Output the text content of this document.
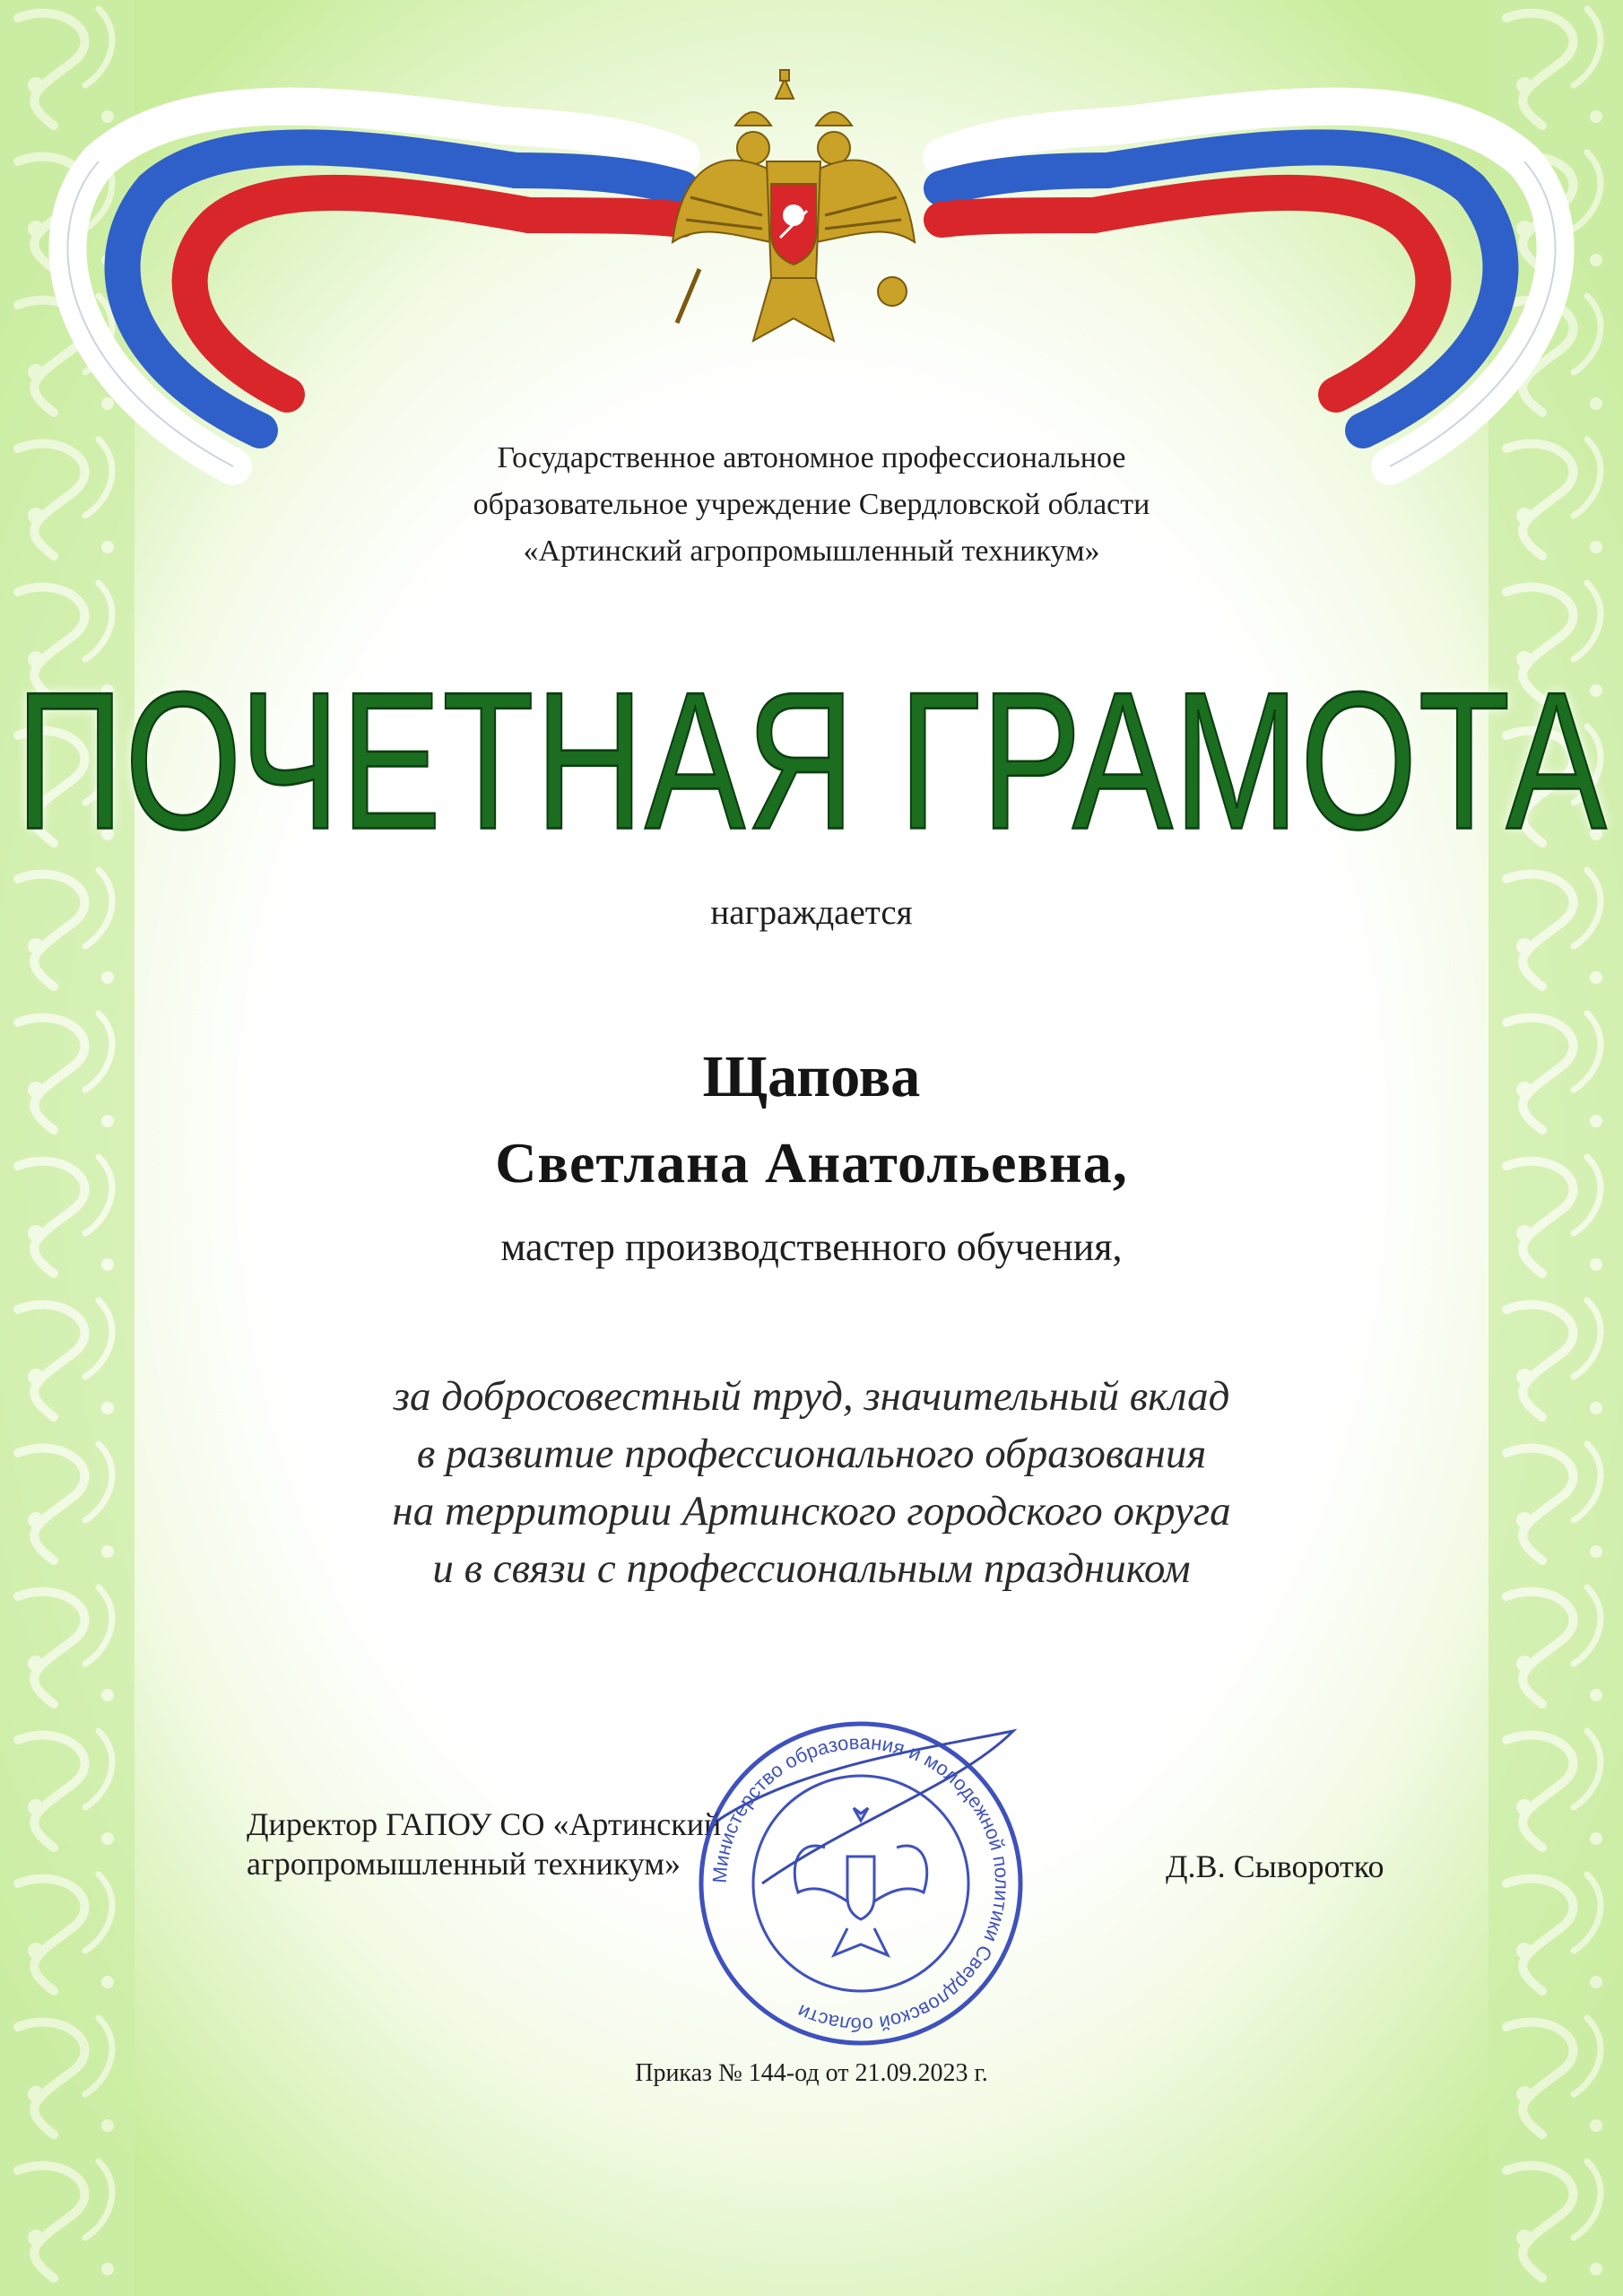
Государственное автономное профессиональное
образовательное учреждение Свердловской области
«Артинский агропромышленный техникум»
ПОЧЕТНАЯ ГРАМОТА
награждается
Щапова
Светлана Анатольевна,
мастер производственного обучения,
за добросовестный труд, значительный вклад
в развитие профессионального образования
на территории Артинского городского округа
и в связи с профессиональным праздником
Директор ГАПОУ СО «Артинский
агропромышленный техникум»	Министерство образования и молодежной политики Свердловской области
Д.В. Сыворотко
Приказ № 144-од от 21.09.2023 г.
